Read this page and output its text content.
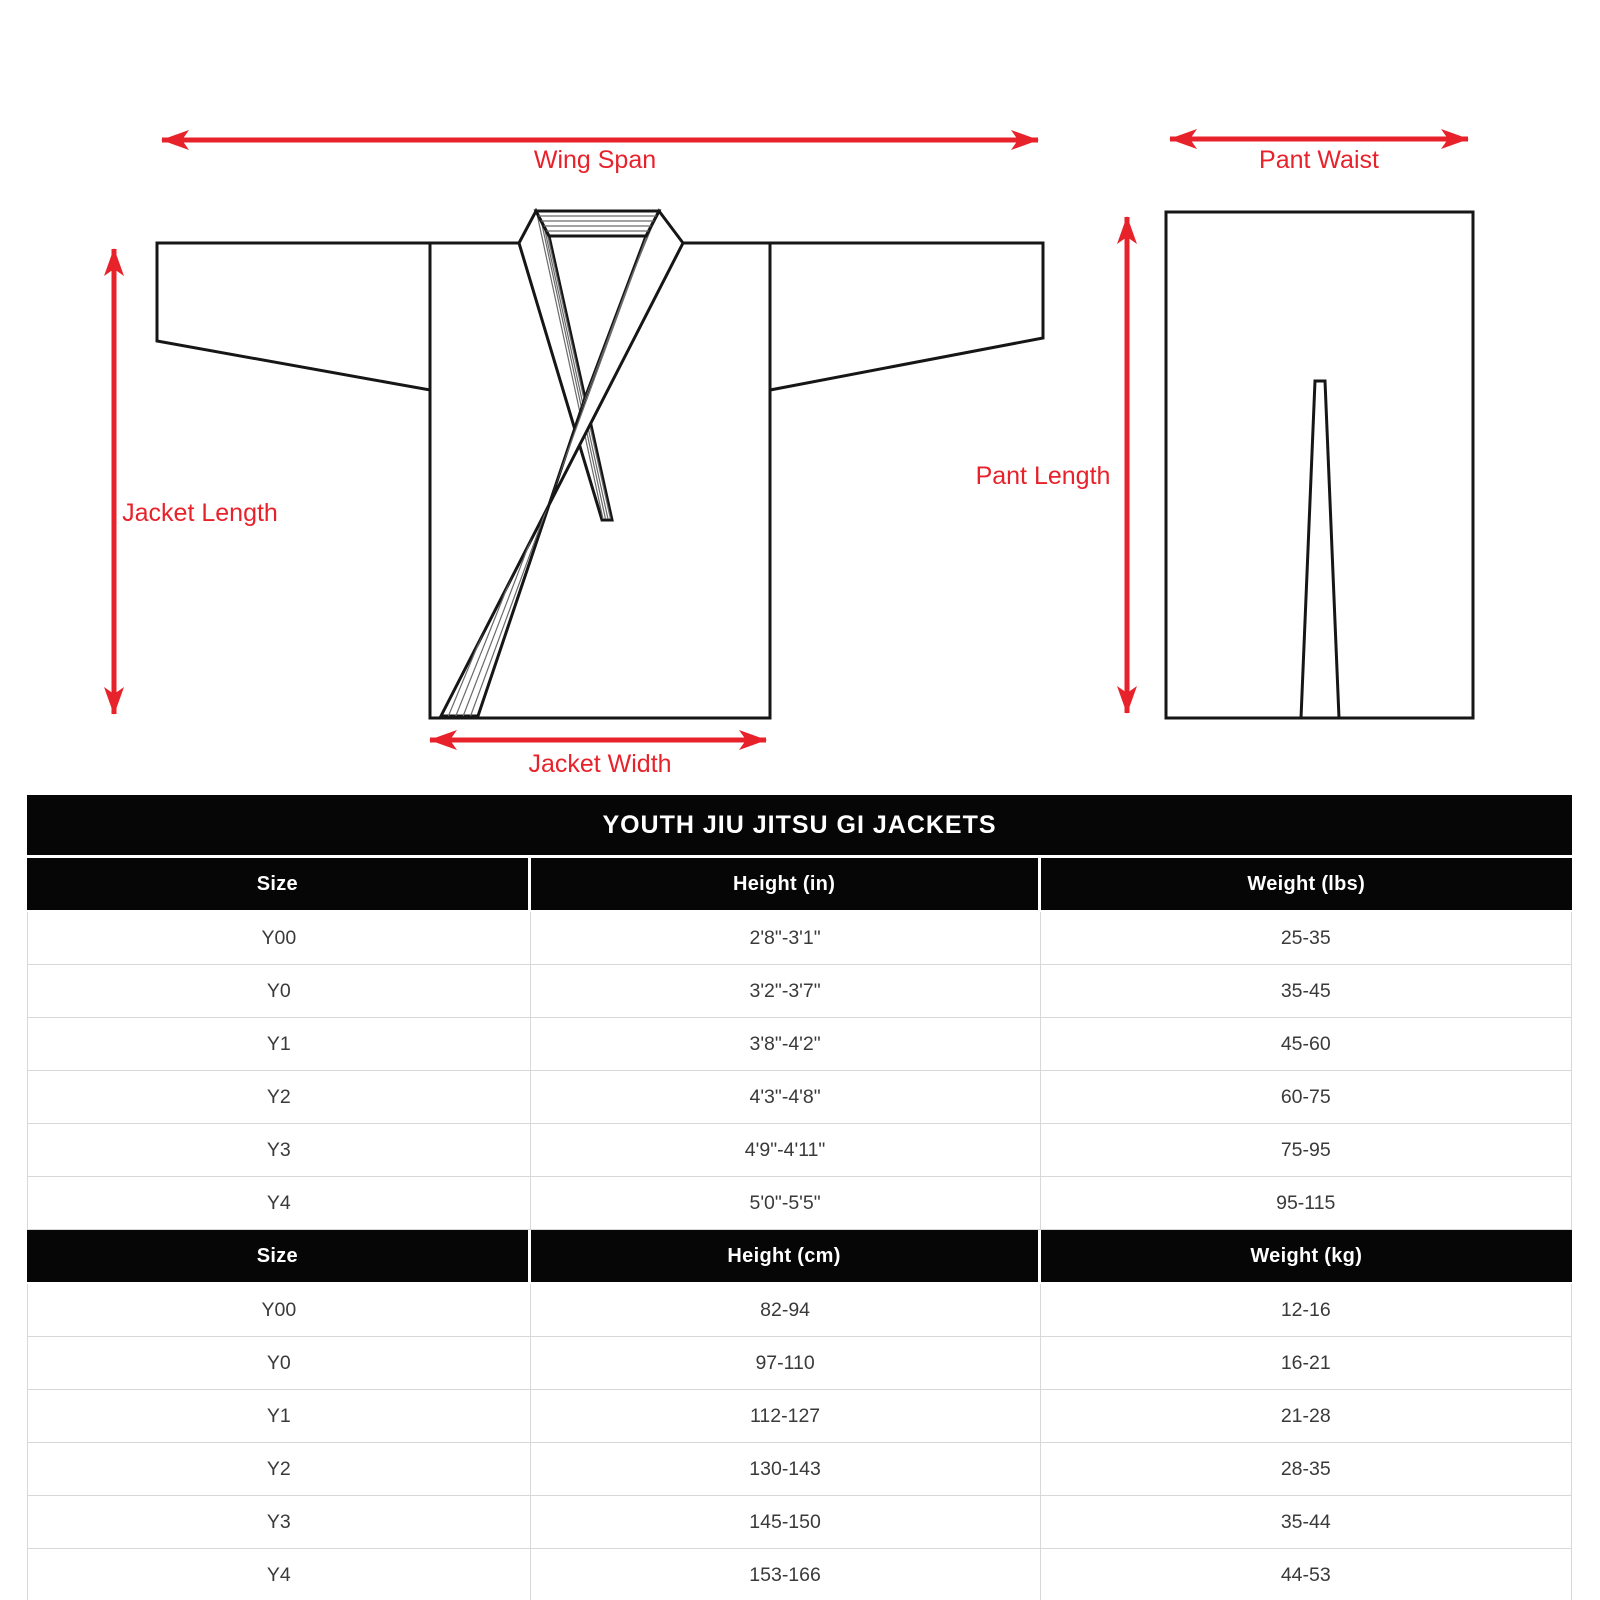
Wing Span
Jacket Length
Jacket Width
Pant Waist
Pant Length
YOUTH JIU JITSU GI JACKETS		
Size	Height (in)	Weight (lbs)
Y00	2'8"-3'1"	25-35
Y0	3'2"-3'7"	35-45
Y1	3'8"-4'2"	45-60
Y2	4'3"-4'8"	60-75
Y3	4'9"-4'11"	75-95
Y4	5'0"-5'5"	95-115
Size	Height (cm)	Weight (kg)
Y00	82-94	12-16
Y0	97-110	16-21
Y1	112-127	21-28
Y2	130-143	28-35
Y3	145-150	35-44
Y4	153-166	44-53
